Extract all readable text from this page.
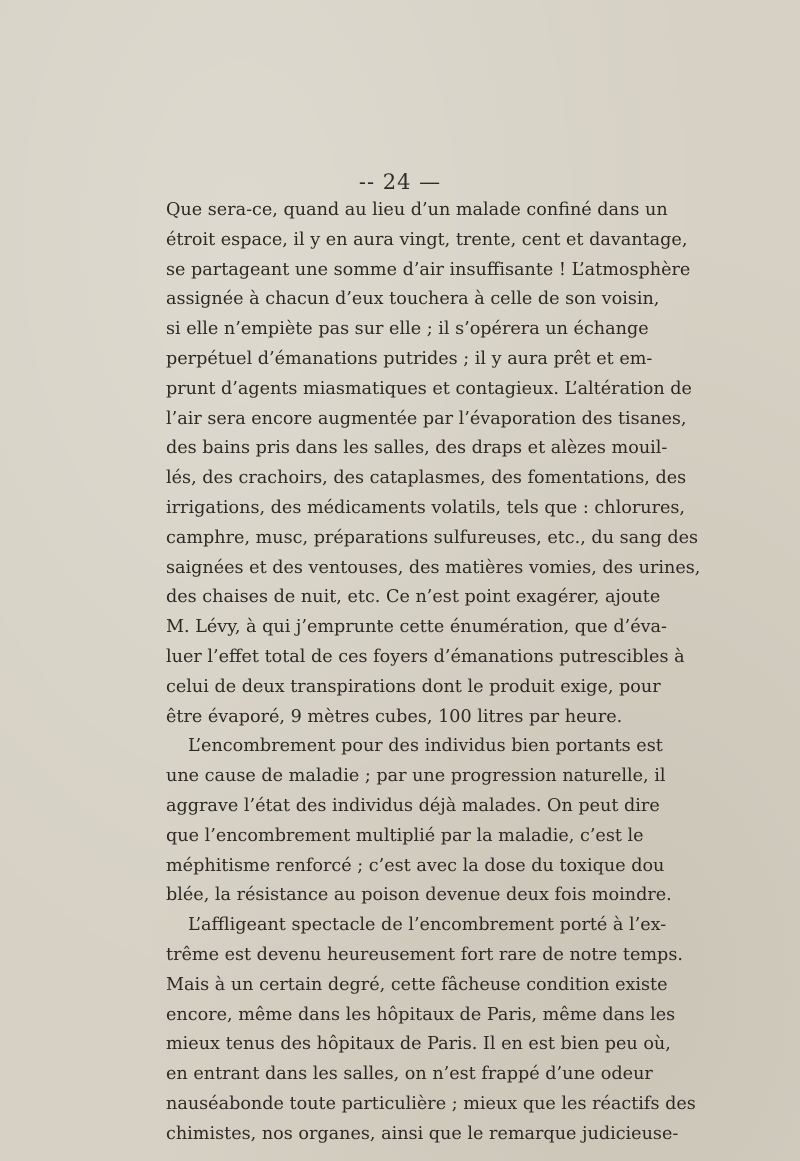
-- 24 —

Que sera-ce, quand au lieu d’un malade confiné dans un
étroit espace, il y en aura vingt, trente, cent et davantage,
se partageant une somme d’air insuffisante ! L’atmosphère
assignée à chacun d’eux touchera à celle de son voisin,
si elle n’empiète pas sur elle ; il s’opérera un échange
perpétuel d’émanations putrides ; il y aura prêt et em-
prunt d’agents miasmatiques et contagieux. L’altération de
l’air sera encore augmentée par l’évaporation des tisanes,
des bains pris dans les salles, des draps et alèzes mouil-
lés, des crachoirs, des cataplasmes, des fomentations, des
irrigations, des médicaments volatils, tels que : chlorures,
camphre, musc, préparations sulfureuses, etc., du sang des
saignées et des ventouses, des matières vomies, des urines,
des chaises de nuit, etc. Ce n’est point exagérer, ajoute
M. Lévy, à qui j’emprunte cette énumération, que d’éva-
luer l’effet total de ces foyers d’émanations putrescibles à
celui de deux transpirations dont le produit exige, pour
être évaporé, 9 mètres cubes, 100 litres par heure.

L’encombrement pour des individus bien portants est
une cause de maladie ; par une progression naturelle, il
aggrave l’état des individus déjà malades. On peut dire
que l’encombrement multiplié par la maladie, c’est le
méphitisme renforcé ; c’est avec la dose du toxique dou
blée, la résistance au poison devenue deux fois moindre.

L’affligeant spectacle de l’encombrement porté à l’ex-
trême est devenu heureusement fort rare de notre temps.
Mais à un certain degré, cette fâcheuse condition existe
encore, même dans les hôpitaux de Paris, même dans les
mieux tenus des hôpitaux de Paris. Il en est bien peu où,
en entrant dans les salles, on n’est frappé d’une odeur
nauséabonde toute particulière ; mieux que les réactifs des
chimistes, nos organes, ainsi que le remarque judicieuse-
